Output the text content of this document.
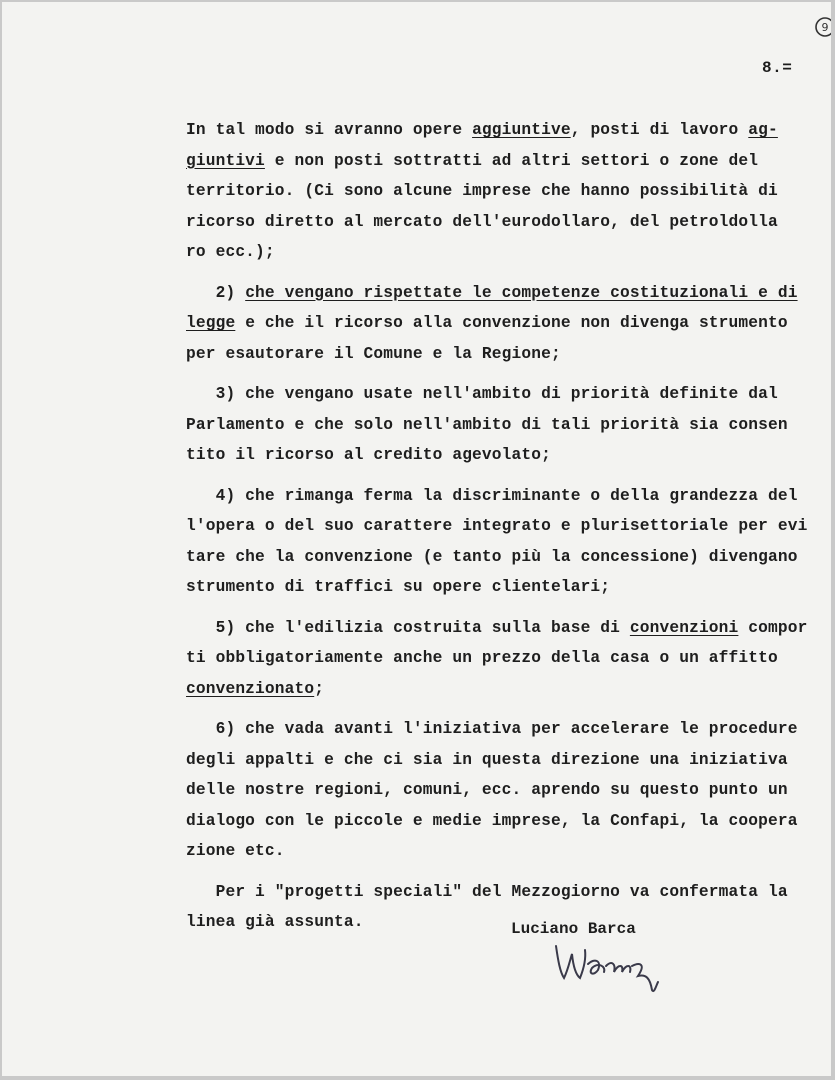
9
8.=
In tal modo si avranno opere aggiuntive, posti di lavoro ag-
giuntivi e non posti sottratti ad altri settori o zone del
territorio. (Ci sono alcune imprese che hanno possibilità di
ricorso diretto al mercato dell'eurodollaro, del petroldolla
ro ecc.);
2) che vengano rispettate le competenze costituzionali e di
legge e che il ricorso alla convenzione non divenga strumento
per esautorare il Comune e la Regione;
3) che vengano usate nell'ambito di priorità definite dal
Parlamento e che solo nell'ambito di tali priorità sia consen
tito il ricorso al credito agevolato;
4) che rimanga ferma la discriminante o della grandezza del
l'opera o del suo carattere integrato e plurisettoriale per evi
tare che la convenzione (e tanto più la concessione) divengano
strumento di traffici su opere clientelari;
5) che l'edilizia costruita sulla base di convenzioni compor
ti obbligatoriamente anche un prezzo della casa o un affitto
convenzionato;
6) che vada avanti l'iniziativa per accelerare le procedure
degli appalti e che ci sia in questa direzione una iniziativa
delle nostre regioni, comuni, ecc. aprendo su questo punto un
dialogo con le piccole e medie imprese, la Confapi, la coopera
zione etc.
Per i "progetti speciali" del Mezzogiorno va confermata la
linea già assunta.	Luciano Barca
